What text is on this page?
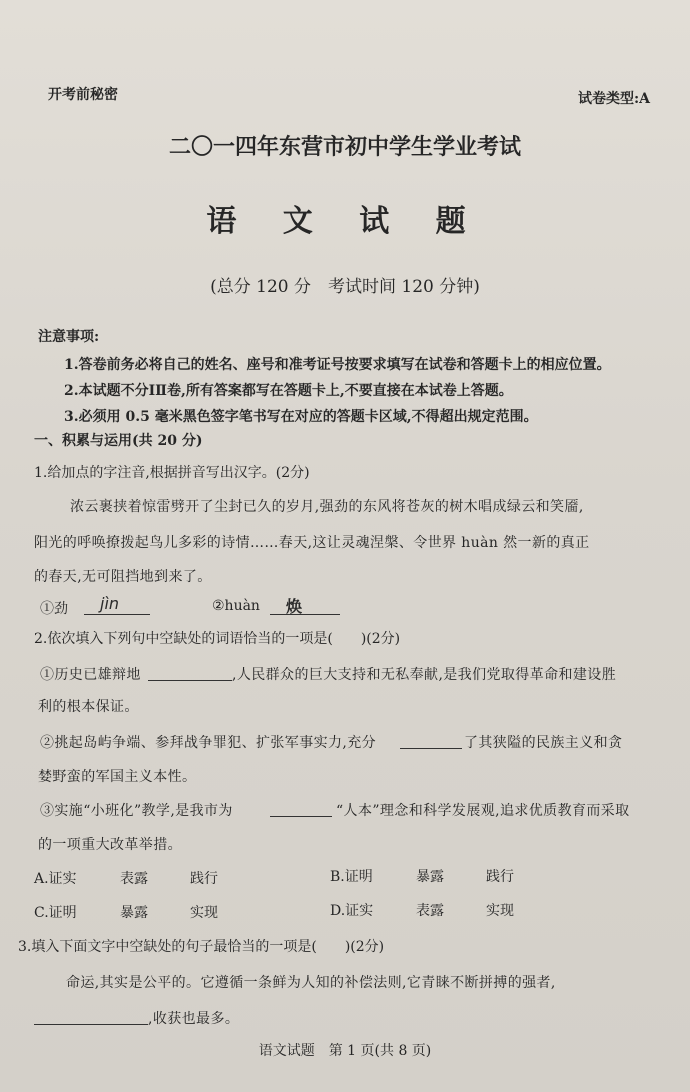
开考前秘密	试卷类型:A
二〇一四年东营市初中学生学业考试
语 文 试 题
(总分 120 分　考试时间 120 分钟)
注意事项:
1.答卷前务必将自己的姓名、座号和准考证号按要求填写在试卷和答题卡上的相应位置。
2.本试题不分ⅠⅡ卷,所有答案都写在答题卡上,不要直接在本试卷上答题。
3.必须用 0.5 毫米黑色签字笔书写在对应的答题卡区域,不得超出规定范围。
一、积累与运用(共 20 分)
1.给加点的字注音,根据拼音写出汉字。(2分)
浓云裹挟着惊雷劈开了尘封已久的岁月,强劲的东风将苍灰的树木唱成绿云和笑靥,
阳光的呼唤撩拨起鸟儿多彩的诗情……春天,这让灵魂涅槃、令世界 huàn 然一新的真正
的春天,无可阻挡地到来了。
①劲 jìn	②huàn 焕
2.依次填入下列句中空缺处的词语恰当的一项是(　　)(2分)
①历史已雄辩地	,人民群众的巨大支持和无私奉献,是我们党取得革命和建设胜
利的根本保证。
②挑起岛屿争端、参拜战争罪犯、扩张军事实力,充分	了其狭隘的民族主义和贪
婪野蛮的军国主义本性。
③实施“小班化”教学,是我市为	“人本”理念和科学发展观,追求优质教育而采取
的一项重大改革举措。
A.证实	表露	践行	B.证明	暴露	践行
C.证明	暴露	实现	D.证实	表露	实现
3.填入下面文字中空缺处的句子最恰当的一项是(　　)(2分)
命运,其实是公平的。它遵循一条鲜为人知的补偿法则,它青睐不断拼搏的强者,
,收获也最多。
语文试题　第 1 页(共 8 页)
